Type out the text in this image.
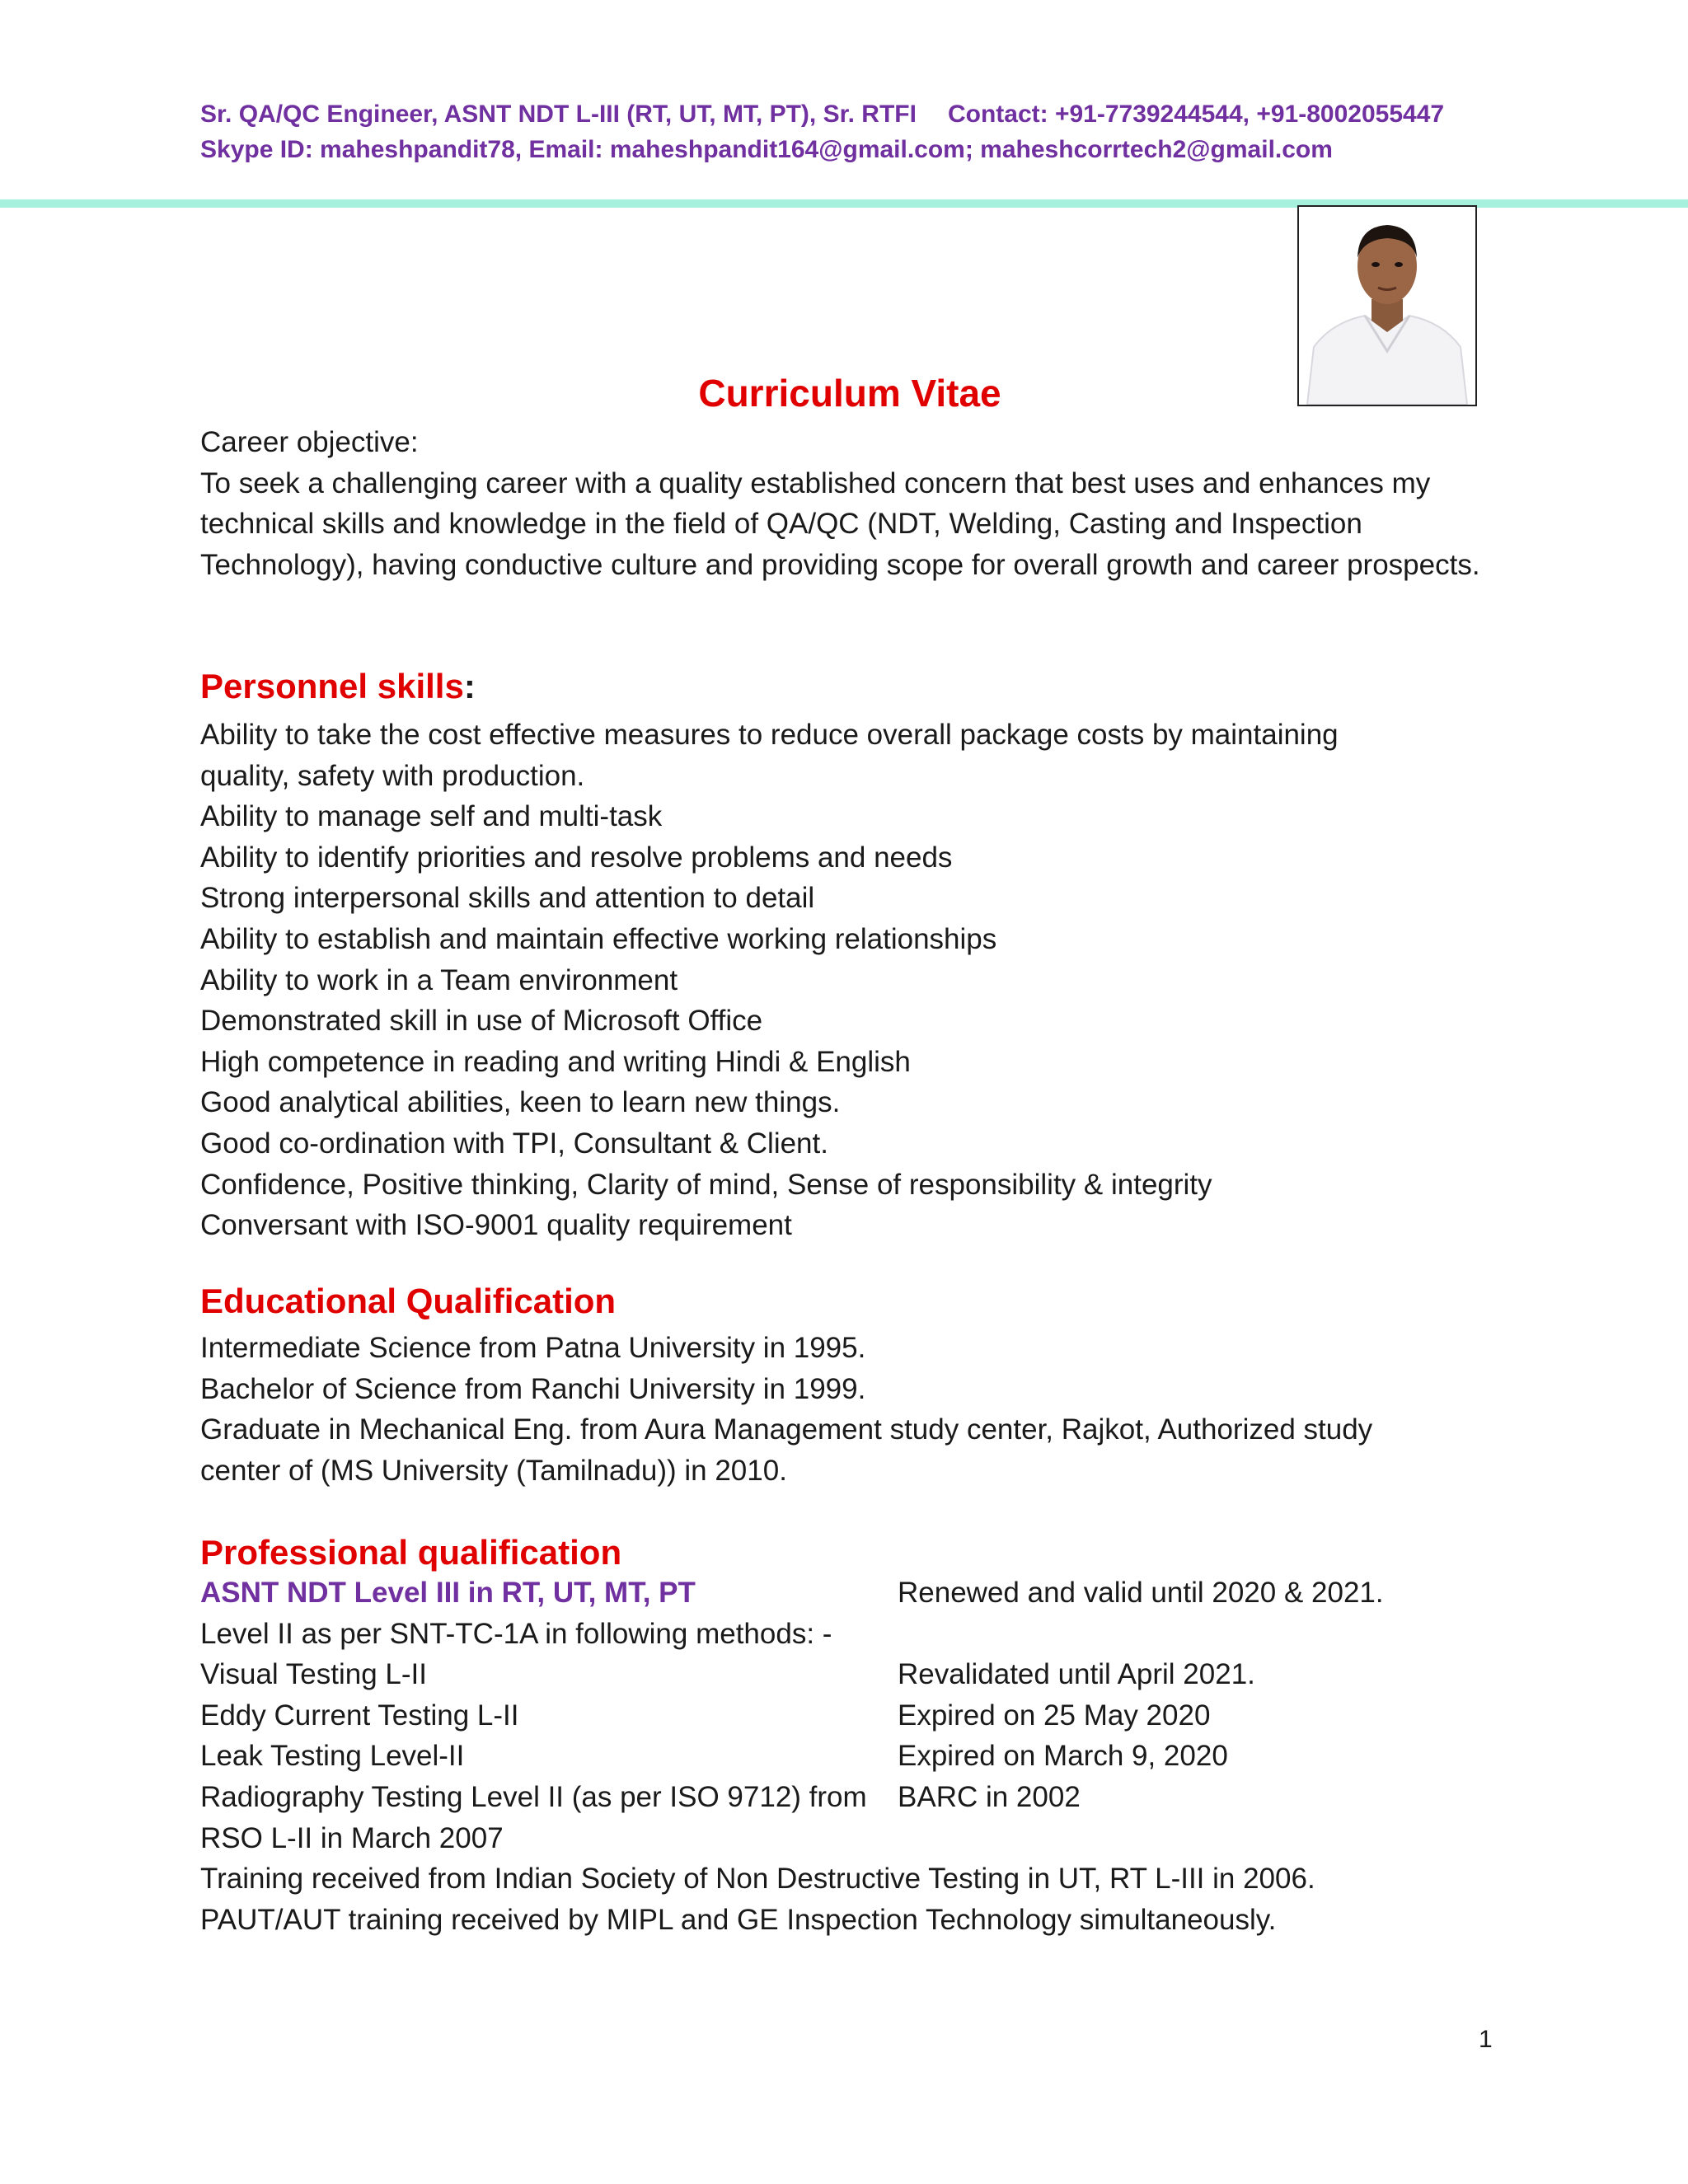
Sr. QA/QC Engineer, ASNT NDT L-III (RT, UT, MT, PT), Sr. RTFI Contact: +91-7739244544, +91-8002055447
Skype ID: maheshpandit78, Email: maheshpandit164@gmail.com; maheshcorrtech2@gmail.com
Curriculum Vitae

Career objective:

To seek a challenging career with a quality established concern that best uses and enhances my technical skills and knowledge in the field of QA/QC (NDT, Welding, Casting and Inspection Technology), having conductive culture and providing scope for overall growth and career prospects.

Personnel skills:

Ability to take the cost effective measures to reduce overall package costs by maintaining
quality, safety with production.
Ability to manage self and multi-task
Ability to identify priorities and resolve problems and needs
Strong interpersonal skills and attention to detail
Ability to establish and maintain effective working relationships
Ability to work in a Team environment
Demonstrated skill in use of Microsoft Office
High competence in reading and writing Hindi & English
Good analytical abilities, keen to learn new things.
Good co-ordination with TPI, Consultant & Client.
Confidence, Positive thinking, Clarity of mind, Sense of responsibility & integrity
Conversant with ISO-9001 quality requirement

Educational Qualification

Intermediate Science from Patna University in 1995.
Bachelor of Science from Ranchi University in 1999.
Graduate in Mechanical Eng. from Aura Management study center, Rajkot, Authorized study
center of (MS University (Tamilnadu)) in 2010.

Professional qualification

ASNT NDT Level III in RT, UT, MT, PT	Renewed and valid until 2020 & 2021.
Level II as per SNT-TC-1A in following methods: -
Visual Testing L-II	Revalidated until April 2021.
Eddy Current Testing L-II	Expired on 25 May 2020
Leak Testing Level-II	Expired on March 9, 2020
Radiography Testing Level II (as per ISO 9712) from BARC in 2002
RSO L-II in March 2007
Training received from Indian Society of Non Destructive Testing in UT, RT L-III in 2006.
PAUT/AUT training received by MIPL and GE Inspection Technology simultaneously.
1
